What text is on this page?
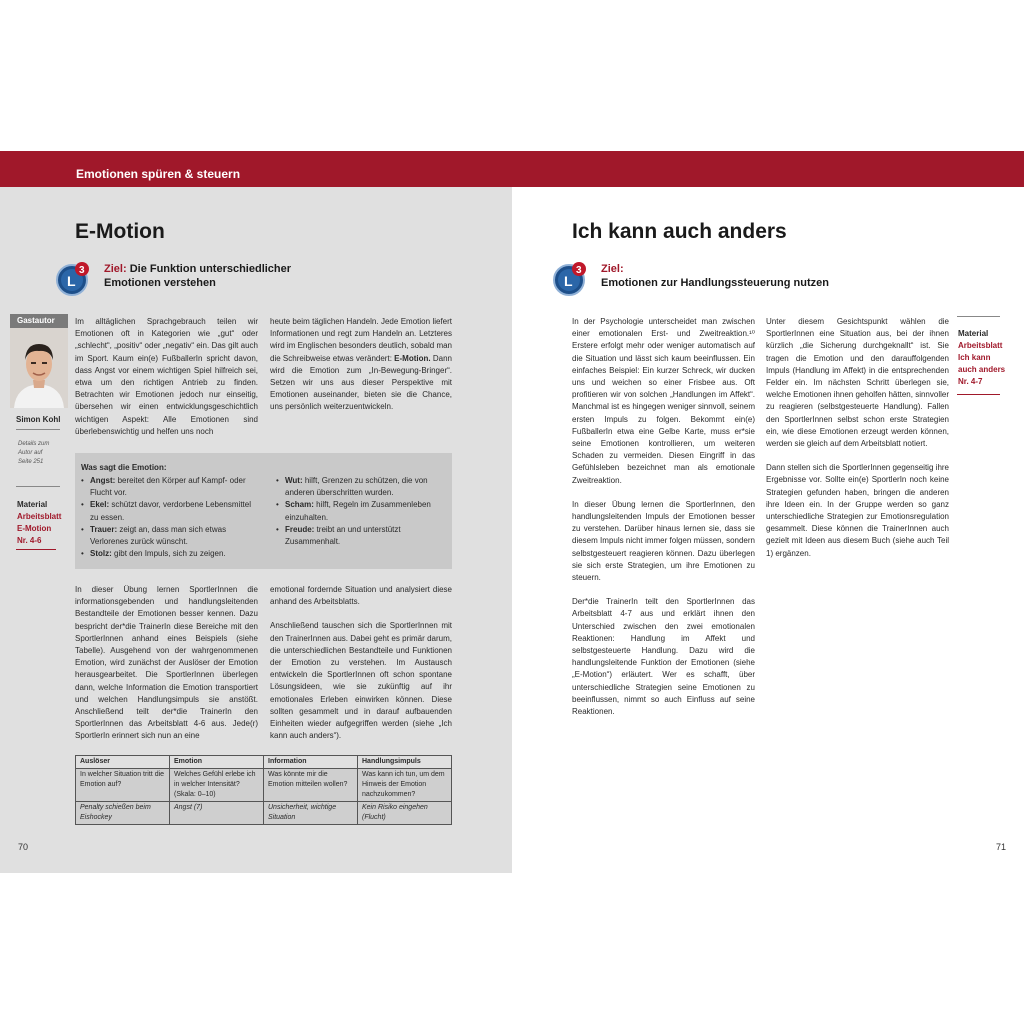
Emotionen spüren & steuern
E-Motion
L
3 Ziel: Die Funktion unterschiedlicher
Emotionen verstehen
Gastautor
Simon Kohl
Details zum
Autor auf
Seite 251
Material
Arbeitsblatt
E-Motion
Nr. 4-6
Im alltäglichen Sprachgebrauch teilen wir Emotionen oft in Kategorien wie „gut“ oder „schlecht“, „positiv“ oder „negativ“ ein. Das gilt auch im Sport. Kaum ein(e) FußballerIn spricht davon, dass Angst vor einem wichtigen Spiel hilfreich sei, etwa um den richtigen Antrieb zu finden. Betrachten wir Emotionen jedoch nur einseitig, übersehen wir einen entwicklungsgeschichtlich wichtigen Aspekt: Alle Emotionen sind überlebenswichtig und helfen uns noch
heute beim täglichen Handeln. Jede Emotion liefert Informationen und regt zum Handeln an. Letzteres wird im Englischen besonders deutlich, sobald man die Schreibweise etwas verändert: E-Motion. Dann wird die Emotion zum „In-Bewegung-Bringer“. Setzen wir uns aus dieser Perspektive mit Emotionen auseinander, bieten sie die Chance, uns persönlich weiterzuentwickeln.
Was sagt die Emotion:
• Angst: bereitet den Körper auf Kampf- oder Flucht vor.
• Ekel: schützt davor, verdorbene Lebensmittel zu essen.
• Trauer: zeigt an, dass man sich etwas Verlorenes zurück wünscht.
• Stolz: gibt den Impuls, sich zu zeigen.
• Wut: hilft, Grenzen zu schützen, die von anderen überschritten wurden.
• Scham: hilft, Regeln im Zusammenleben einzuhalten.
• Freude: treibt an und unterstützt Zusammenhalt.
In dieser Übung lernen SportlerInnen die informationsgebenden und handlungsleitenden Bestandteile der Emotionen besser kennen. Dazu bespricht der*die TrainerIn diese Bereiche mit den SportlerInnen anhand eines Beispiels (siehe Tabelle). Ausgehend von der wahrgenommenen Emotion, wird zunächst der Auslöser der Emotion herausgearbeitet. Die SportlerInnen überlegen dann, welche Information die Emotion transportiert und welchen Handlungsimpuls sie anstößt. Anschließend teilt der*die TrainerIn den SportlerInnen das Arbeitsblatt 4-6 aus. Jede(r) SportlerIn erinnert sich nun an eine

emotional fordernde Situation und analysiert diese anhand des Arbeitsblatts.

Anschließend tauschen sich die SportlerInnen mit den TrainerInnen aus. Dabei geht es primär darum, die unterschiedlichen Bestandteile und Funktionen der Emotion zu verstehen. Im Austausch entwickeln die SportlerInnen oft schon spontane Lösungsideen, wie sie zukünftig auf ihr emotionales Erleben einwirken können. Diese sollten gesammelt und in darauf aufbauenden Einheiten wieder aufgegriffen werden (siehe „Ich kann auch anders“).

Auslöser	Emotion	Information	Handlungsimpuls
In welcher Situation tritt die Emotion auf?	Welches Gefühl erlebe ich in welcher Intensität? (Skala: 0–10)	Was könnte mir die Emotion mitteilen wollen?	Was kann ich tun, um dem Hinweis der Emotion nachzukommen?
Penalty schießen beim Eishockey	Angst (7)	Unsicherheit, wichtige Situation	Kein Risiko eingehen (Flucht)
70
Ich kann auch anders
L
3 Ziel:
Emotionen zur Handlungssteuerung nutzen

In der Psychologie unterscheidet man zwischen einer emotionalen Erst- und Zweitreaktion.¹⁰ Erstere erfolgt mehr oder weniger automatisch auf die Situation und lässt sich kaum beeinflussen. Ein einfaches Beispiel: Ein kurzer Schreck, wir ducken uns und weichen so einer Frisbee aus. Oft profitieren wir von solchen „Handlungen im Affekt“. Manchmal ist es hingegen weniger sinnvoll, seinem ersten Impuls zu folgen. Bekommt ein(e) FußballerIn etwa eine Gelbe Karte, muss er*sie seine Emotionen kontrollieren, um weiteren Schaden zu vermeiden. Diesen Eingriff in das Gefühlsleben bezeichnet man als emotionale Zweitreaktion.

In dieser Übung lernen die SportlerInnen, den handlungsleitenden Impuls der Emotionen besser zu verstehen. Darüber hinaus lernen sie, dass sie diesem Impuls nicht immer folgen müssen, sondern selbstgesteuert reagieren können. Dazu überlegen sie sich erste Strategien, um ihre Emotionen zu steuern.

Der*die TrainerIn teilt den SportlerInnen das Arbeitsblatt 4-7 aus und erklärt ihnen den Unterschied zwischen den zwei emotionalen Reaktionen: Handlung im Affekt und selbstgesteuerte Handlung. Dazu wird die handlungsleitende Funktion der Emotionen (siehe „E-Motion“) erläutert. Wer es schafft, über unterschiedliche Strategien seine Emotionen zu beeinflussen, nimmt so auch Einfluss auf seine Reaktionen.

Unter diesem Gesichtspunkt wählen die SportlerInnen eine Situation aus, bei der ihnen kürzlich „die Sicherung durchgeknallt“ ist. Sie tragen die Emotion und den darauffolgenden Impuls (Handlung im Affekt) in die entsprechenden Felder ein. Im nächsten Schritt überlegen sie, welche Emotionen ihnen geholfen hätten, sinnvoller zu reagieren (selbstgesteuerte Handlung). Fallen den SportlerInnen selbst schon erste Strategien ein, wie diese Emotionen erzeugt werden können, werden sie gleich auf dem Arbeitsblatt notiert.

Dann stellen sich die SportlerInnen gegenseitig ihre Ergebnisse vor. Sollte ein(e) SportlerIn noch keine Strategien gefunden haben, bringen die anderen ihre Ideen ein. In der Gruppe werden so ganz unterschiedliche Strategien zur Emotionsregulation gesammelt. Diese können die TrainerInnen auch gezielt mit Ideen aus diesem Buch (siehe auch Teil 1) ergänzen.

Material
Arbeitsblatt
Ich kann
auch anders
Nr. 4-7
71
